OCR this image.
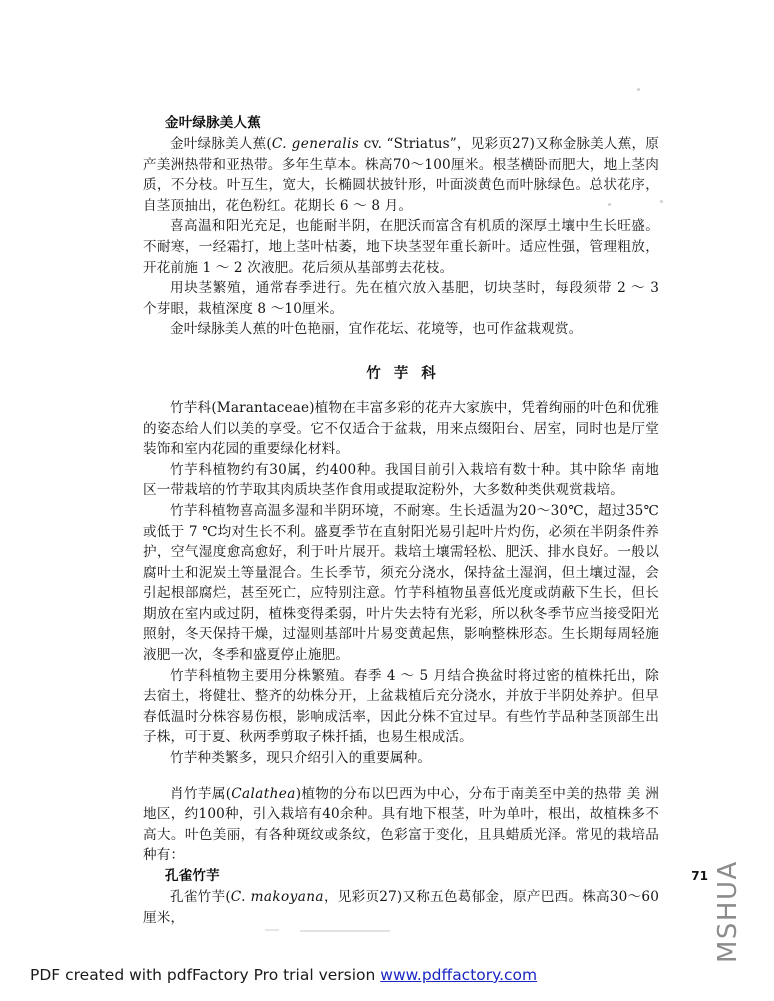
金叶绿脉美人蕉

金叶绿脉美人蕉(C. generalis cv. “Striatus”，见彩页27)又称金脉美人蕉，原产美洲热带和亚热带。多年生草本。株高70～100厘米。根茎横卧而肥大，地上茎肉质，不分枝。叶互生，宽大，长椭圆状披针形，叶面淡黄色而叶脉绿色。总状花序，自茎顶抽出，花色粉红。花期长 6 ～ 8 月。

喜高温和阳光充足，也能耐半阴，在肥沃而富含有机质的深厚土壤中生长旺盛。不耐寒，一经霜打，地上茎叶枯萎，地下块茎翌年重长新叶。适应性强，管理粗放，开花前施 1 ～ 2 次液肥。花后须从基部剪去花枝。

用块茎繁殖，通常春季进行。先在植穴放入基肥，切块茎时，每段须带 2 ～ 3 个芽眼，栽植深度 8 ～10厘米。

金叶绿脉美人蕉的叶色艳丽，宜作花坛、花境等，也可作盆栽观赏。

竹芋科

竹芋科(Marantaceae)植物在丰富多彩的花卉大家族中，凭着绚丽的叶色和优雅 的姿态给人们以美的享受。它不仅适合于盆栽，用来点缀阳台、居室，同时也是厅堂装饰和室内花园的重要绿化材料。

竹芋科植物约有30属，约400种。我国目前引入栽培有数十种。其中除华 南地 区一带栽培的竹芋取其肉质块茎作食用或提取淀粉外，大多数种类供观赏栽培。

竹芋科植物喜高温多湿和半阴环境，不耐寒。生长适温为20～30℃，超过35℃或低于 7 ℃均对生长不利。盛夏季节在直射阳光易引起叶片灼伤，必须在半阴条件养护，空气湿度愈高愈好，利于叶片展开。栽培土壤需轻松、肥沃、排水良好。一般以腐叶土和泥炭土等量混合。生长季节，须充分浇水，保持盆土湿润，但土壤过湿，会引起根部腐烂，甚至死亡，应特别注意。竹芋科植物虽喜低光度或荫蔽下生长，但长期放在室内或过阴，植株变得柔弱，叶片失去特有光彩，所以秋冬季节应当接受阳光照射，冬天保持干燥，过湿则基部叶片易变黄起焦，影响整株形态。生长期每周轻施液肥一次，冬季和盛夏停止施肥。

竹芋科植物主要用分株繁殖。春季 4 ～ 5 月结合换盆时将过密的植株托出，除去宿土，将健壮、整齐的幼株分开，上盆栽植后充分浇水，并放于半阴处养护。但早春低温时分株容易伤根，影响成活率，因此分株不宜过早。有些竹芋品种茎顶部生出子株，可于夏、秋两季剪取子株扦插，也易生根成活。

竹芋种类繁多，现只介绍引入的重要属种。

肖竹芋属(Calathea)植物的分布以巴西为中心，分布于南美至中美的热带 美 洲 地区，约100种，引入栽培有40余种。具有地下根茎，叶为单叶，根出，故植株多不高大。叶色美丽，有各种斑纹或条纹，色彩富于变化，且具蜡质光泽。常见的栽培品种有：

孔雀竹芋

孔雀竹芋(C. makoyana，见彩页27)又称五色葛郁金，原产巴西。株高30～60厘米，

71 MSHUA
PDF created with pdfFactory Pro trial version www.pdffactory.com
